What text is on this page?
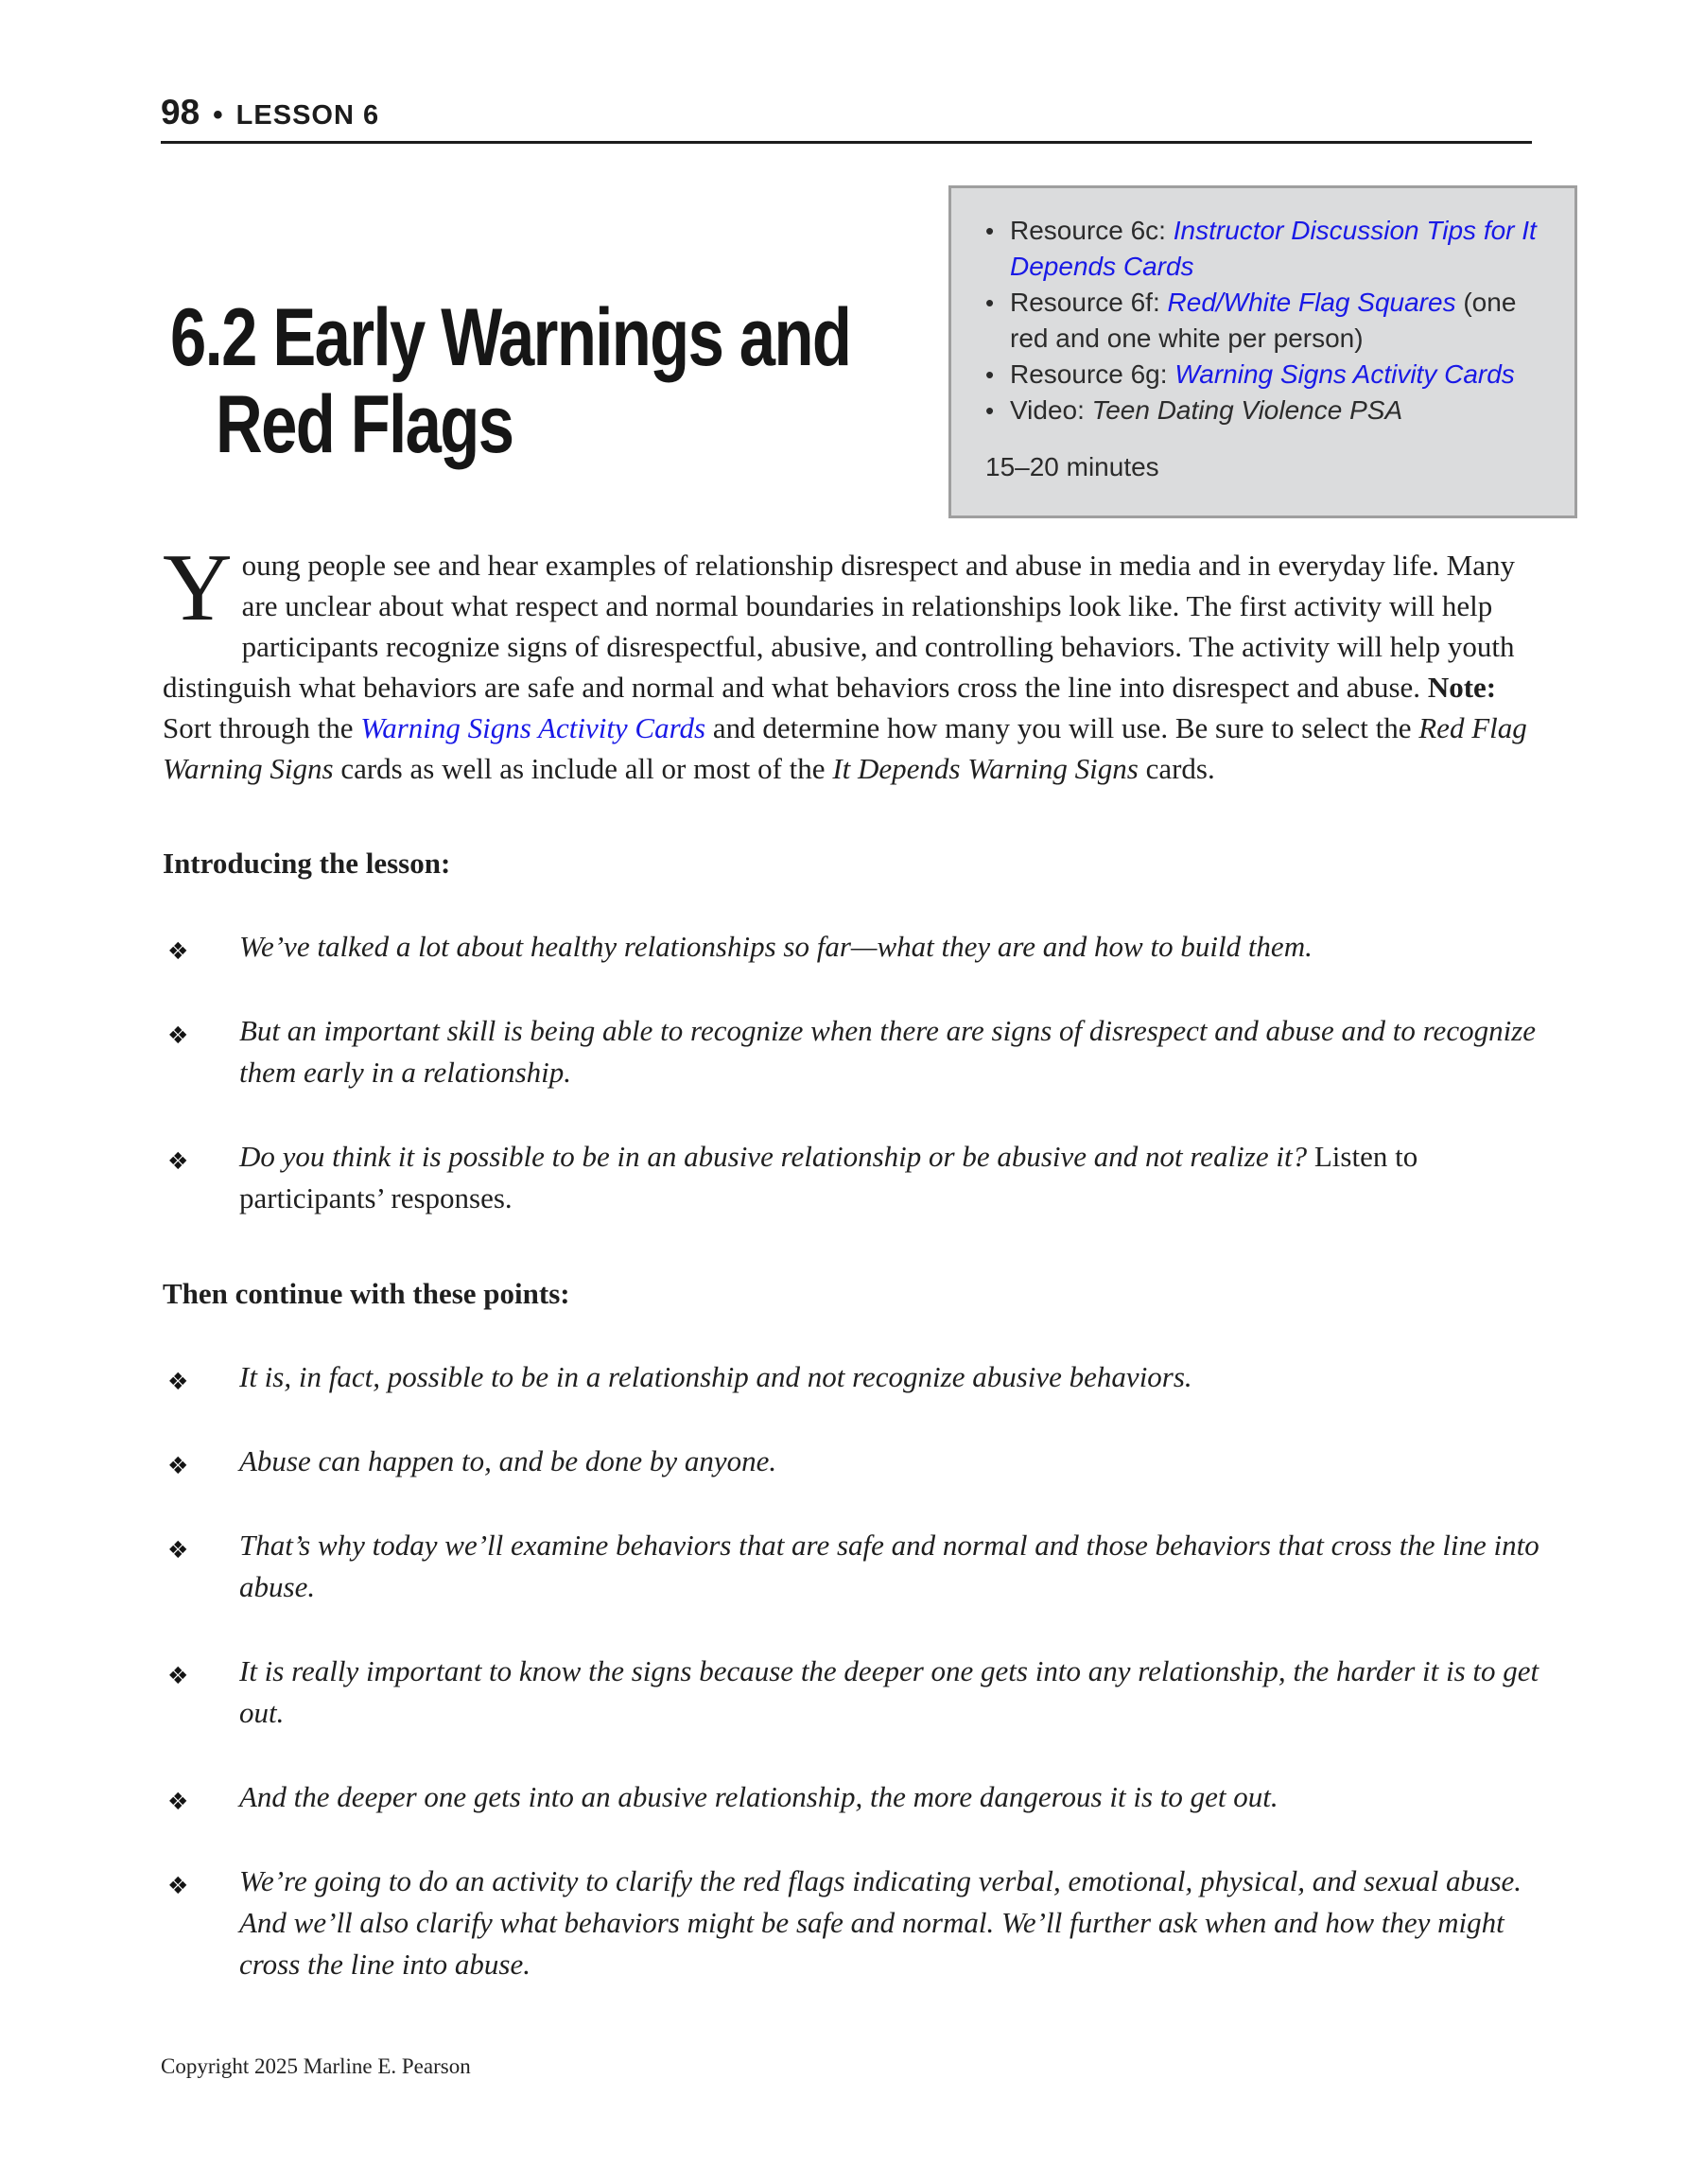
98 • LESSON 6
• Resource 6c: Instructor Discussion Tips for It Depends Cards
• Resource 6f: Red/White Flag Squares (one red and one white per person)
• Resource 6g: Warning Signs Activity Cards
• Video: Teen Dating Violence PSA
15–20 minutes
6.2 Early Warnings and
Red Flags

Young people see and hear examples of relationship disrespect and abuse in media and in everyday life. Many are unclear about what respect and normal boundaries in relationships look like. The first activity will help participants recognize signs of disrespectful, abusive, and controlling behaviors. The activity will help youth distinguish what behaviors are safe and normal and what behaviors cross the line into disrespect and abuse. Note: Sort through the Warning Signs Activity Cards and determine how many you will use. Be sure to select the Red Flag Warning Signs cards as well as include all or most of the It Depends Warning Signs cards.

Introducing the lesson:
❖ We’ve talked a lot about healthy relationships so far—what they are and how to build them.
❖ But an important skill is being able to recognize when there are signs of disrespect and abuse and to recognize them early in a relationship.
❖ Do you think it is possible to be in an abusive relationship or be abusive and not realize it? Listen to participants’ responses.
Then continue with these points:
❖ It is, in fact, possible to be in a relationship and not recognize abusive behaviors.
❖ Abuse can happen to, and be done by anyone.
❖ That’s why today we’ll examine behaviors that are safe and normal and those behaviors that cross the line into abuse.
❖ It is really important to know the signs because the deeper one gets into any relationship, the harder it is to get out.
❖ And the deeper one gets into an abusive relationship, the more dangerous it is to get out.
❖ We’re going to do an activity to clarify the red flags indicating verbal, emotional, physical, and sexual abuse. And we’ll also clarify what behaviors might be safe and normal. We’ll further ask when and how they might cross the line into abuse.
Copyright 2025 Marline E. Pearson
